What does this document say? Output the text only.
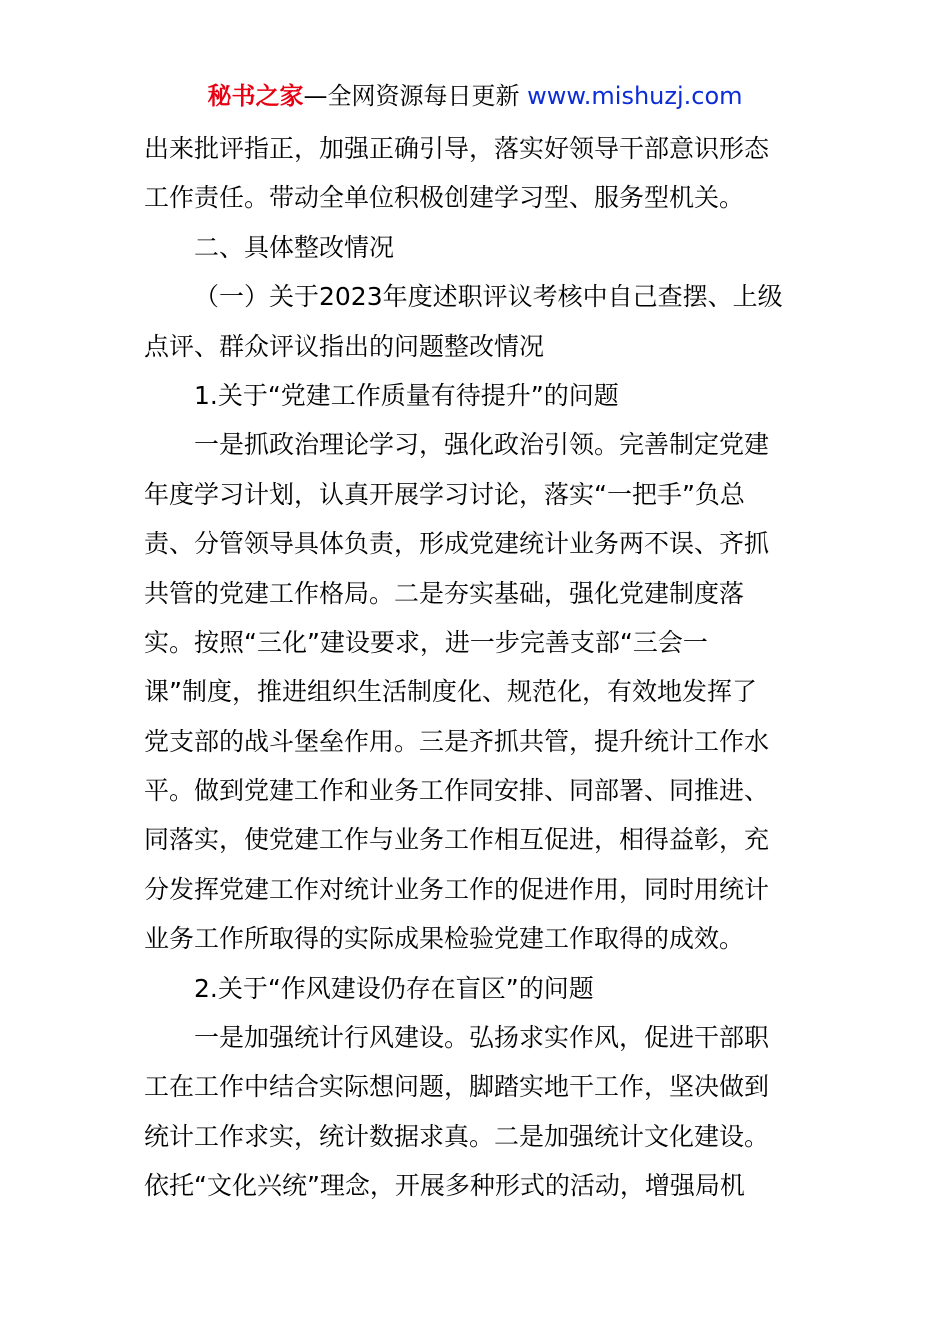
秘书之家—全网资源每日更新 www.mishuzj.com
出来批评指正，加强正确引导，落实好领导干部意识形态
工作责任。带动全单位积极创建学习型、服务型机关。
二、具体整改情况
（一）关于2023年度述职评议考核中自己查摆、上级
点评、群众评议指出的问题整改情况
1.关于“党建工作质量有待提升”的问题
一是抓政治理论学习，强化政治引领。完善制定党建
年度学习计划，认真开展学习讨论，落实“一把手”负总
责、分管领导具体负责，形成党建统计业务两不误、齐抓
共管的党建工作格局。二是夯实基础，强化党建制度落
实。按照“三化”建设要求，进一步完善支部“三会一
课”制度，推进组织生活制度化、规范化，有效地发挥了
党支部的战斗堡垒作用。三是齐抓共管，提升统计工作水
平。做到党建工作和业务工作同安排、同部署、同推进、
同落实，使党建工作与业务工作相互促进，相得益彰，充
分发挥党建工作对统计业务工作的促进作用，同时用统计
业务工作所取得的实际成果检验党建工作取得的成效。
2.关于“作风建设仍存在盲区”的问题
一是加强统计行风建设。弘扬求实作风，促进干部职
工在工作中结合实际想问题，脚踏实地干工作，坚决做到
统计工作求实，统计数据求真。二是加强统计文化建设。
依托“文化兴统”理念，开展多种形式的活动，增强局机
